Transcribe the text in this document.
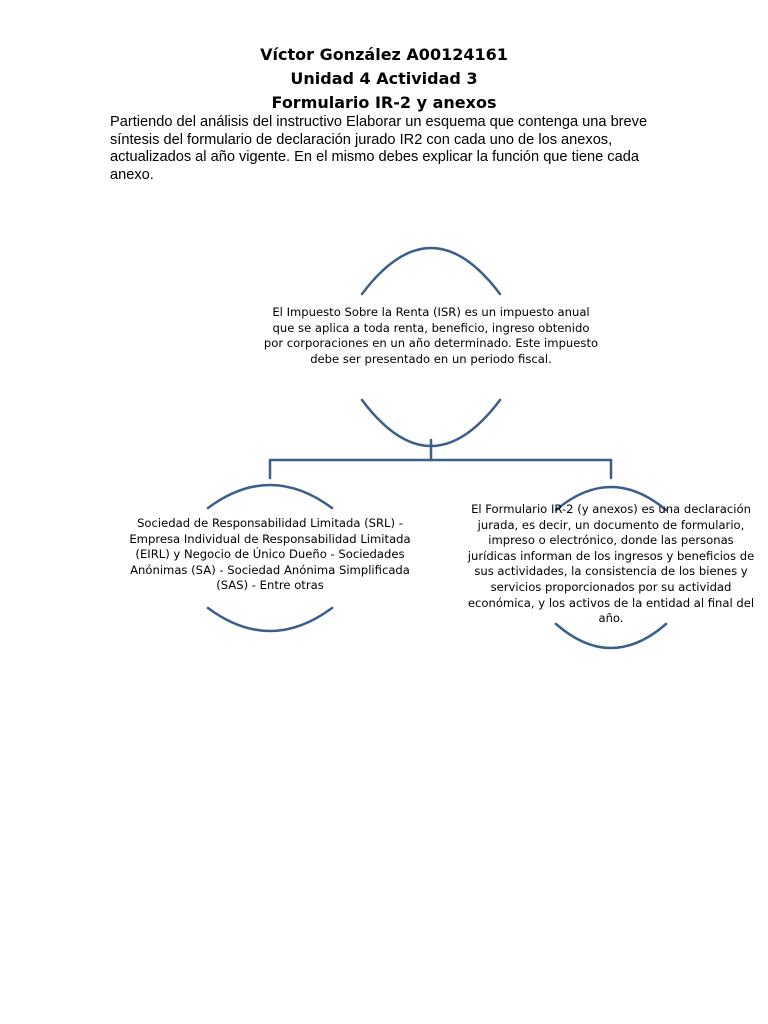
Víctor González A00124161

Unidad 4 Actividad 3

Formulario IR-2 y anexos

Partiendo del análisis del instructivo Elaborar un esquema que contenga una breve síntesis del formulario de declaración jurado IR2 con cada uno de los anexos, actualizados al año vigente. En el mismo debes explicar la función que tiene cada anexo.

El Impuesto Sobre la Renta (ISR) es un impuesto anual que se aplica a toda renta, beneficio, ingreso obtenido por corporaciones en un año determinado. Este impuesto debe ser presentado en un periodo fiscal.

Sociedad de Responsabilidad Limitada (SRL) - Empresa Individual de Responsabilidad Limitada (EIRL) y Negocio de Único Dueño - Sociedades Anónimas (SA) - Sociedad Anónima Simplificada (SAS) - Entre otras

El Formulario IR-2 (y anexos) es una declaración jurada, es decir, un documento de formulario, impreso o electrónico, donde las personas jurídicas informan de los ingresos y beneficios de sus actividades, la consistencia de los bienes y servicios proporcionados por su actividad económica, y los activos de la entidad al final del año.
